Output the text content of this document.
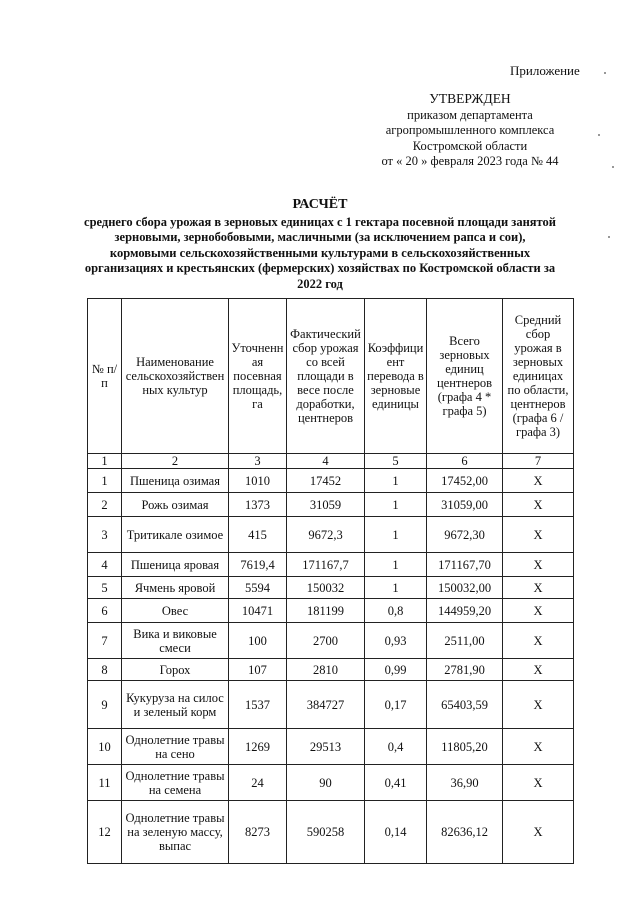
Приложение
УТВЕРЖДЕН
приказом департамента
агропромышленного комплекса
Костромской области
от « 20 » февраля 2023 года № 44
РАСЧЁТ
среднего сбора урожая в зерновых единицах с 1 гектара посевной площади занятой зерновыми, зернобобовыми, масличными (за исключением рапса и сои), кормовыми сельскохозяйственными культурами в сельскохозяйственных организациях и крестьянских (фермерских) хозяйствах по Костромской области за 2022 год
№ п/п	Наименование сельскохозяйственных культур	Уточненная посевная площадь, га	Фактический сбор урожая со всей площади в весе после доработки, центнеров	Коэффициент перевода в зерновые единицы	Всего зерновых единиц центнеров (графа 4 * графа 5)	Средний сбор урожая в зерновых единицах по области, центнеров (графа 6 / графа 3)
1	2	3	4	5	6	7
1	Пшеница озимая	1010	17452	1	17452,00	X
2	Рожь озимая	1373	31059	1	31059,00	X
3	Тритикале озимое	415	9672,3	1	9672,30	X
4	Пшеница яровая	7619,4	171167,7	1	171167,70	X
5	Ячмень яровой	5594	150032	1	150032,00	X
6	Овес	10471	181199	0,8	144959,20	X
7	Вика и виковые смеси	100	2700	0,93	2511,00	X
8	Горох	107	2810	0,99	2781,90	X
9	Кукуруза на силос и зеленый корм	1537	384727	0,17	65403,59	X
10	Однолетние травы на сено	1269	29513	0,4	11805,20	X
11	Однолетние травы на семена	24	90	0,41	36,90	X
12	Однолетние травы на зеленую массу, выпас	8273	590258	0,14	82636,12	X
